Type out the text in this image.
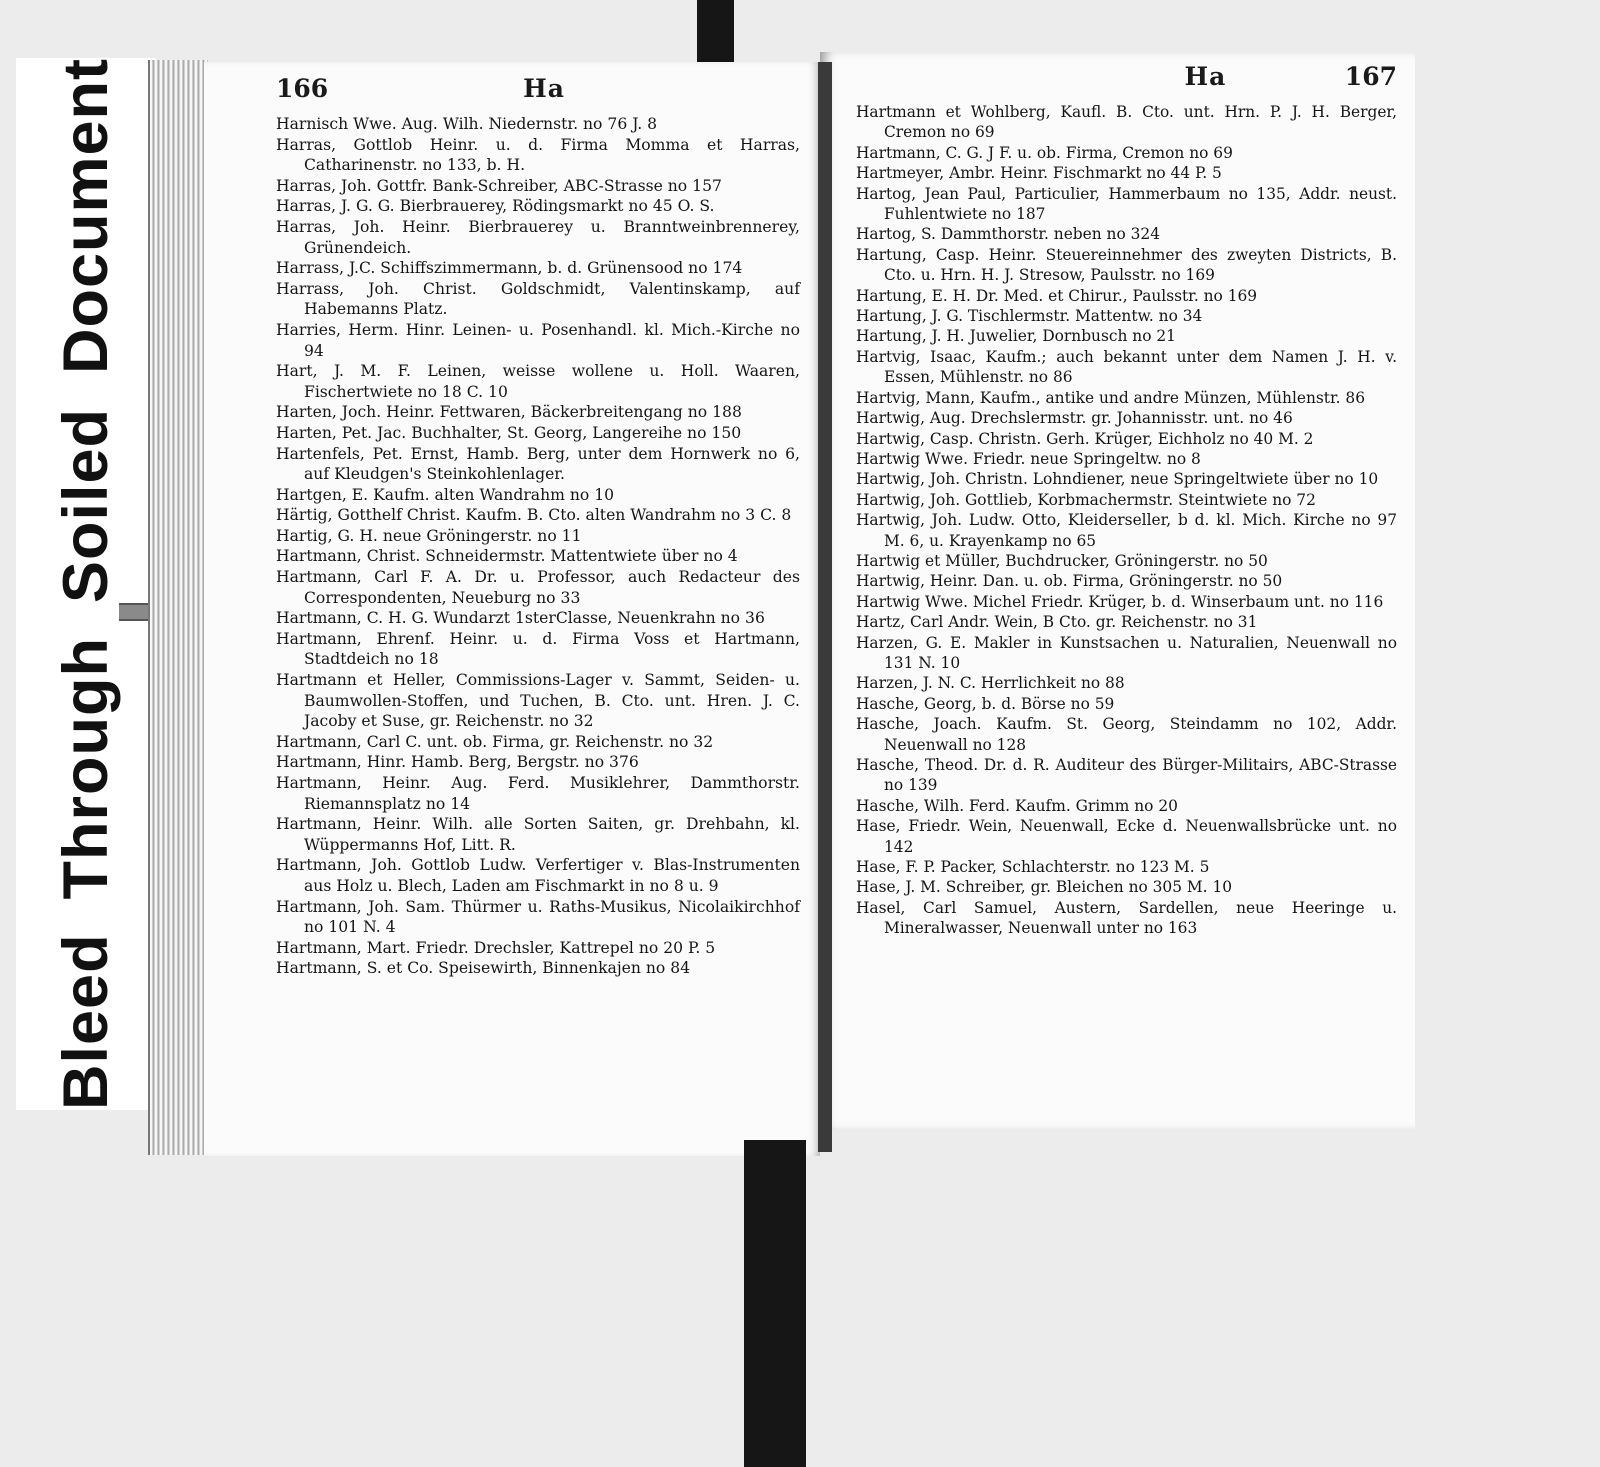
Bleed
Through
Soiled
Document	166	Ha
Harnisch Wwe. Aug. Wilh. Niedernstr. no 76 J. 8
Harras, Gottlob Heinr. u. d. Firma Momma et Harras, Catharinenstr. no 133, b. H.
Harras, Joh. Gottfr. Bank-Schreiber, ABC-Strasse no 157
Harras, J. G. G. Bierbrauerey, Rödingsmarkt no 45 O. S.
Harras, Joh. Heinr. Bierbrauerey u. Branntweinbrennerey, Grünendeich.
Harrass, J.C. Schiffszimmermann, b. d. Grünensood no 174
Harrass, Joh. Christ. Goldschmidt, Valentinskamp, auf Habemanns Platz.
Harries, Herm. Hinr. Leinen- u. Posenhandl. kl. Mich.-Kirche no 94
Hart, J. M. F. Leinen, weisse wollene u. Holl. Waaren, Fischertwiete no 18 C. 10
Harten, Joch. Heinr. Fettwaren, Bäckerbreitengang no 188
Harten, Pet. Jac. Buchhalter, St. Georg, Langereihe no 150
Hartenfels, Pet. Ernst, Hamb. Berg, unter dem Hornwerk no 6, auf Kleudgen's Steinkohlenlager.
Hartgen, E. Kaufm. alten Wandrahm no 10
Härtig, Gotthelf Christ. Kaufm. B. Cto. alten Wandrahm no 3 C. 8
Hartig, G. H. neue Gröningerstr. no 11
Hartmann, Christ. Schneidermstr. Mattentwiete über no 4
Hartmann, Carl F. A. Dr. u. Professor, auch Redacteur des Correspondenten, Neueburg no 33
Hartmann, C. H. G. Wundarzt 1sterClasse, Neuenkrahn no 36
Hartmann, Ehrenf. Heinr. u. d. Firma Voss et Hartmann, Stadtdeich no 18
Hartmann et Heller, Commissions-Lager v. Sammt, Seiden- u. Baumwollen-Stoffen, und Tuchen, B. Cto. unt. Hren. J. C. Jacoby et Suse, gr. Reichenstr. no 32
Hartmann, Carl C. unt. ob. Firma, gr. Reichenstr. no 32
Hartmann, Hinr. Hamb. Berg, Bergstr. no 376
Hartmann, Heinr. Aug. Ferd. Musiklehrer, Dammthorstr. Riemannsplatz no 14
Hartmann, Heinr. Wilh. alle Sorten Saiten, gr. Drehbahn, kl. Wüppermanns Hof, Litt. R.
Hartmann, Joh. Gottlob Ludw. Verfertiger v. Blas-Instrumenten aus Holz u. Blech, Laden am Fischmarkt in no 8 u. 9
Hartmann, Joh. Sam. Thürmer u. Raths-Musikus, Nicolaikirchhof no 101 N. 4
Hartmann, Mart. Friedr. Drechsler, Kattrepel no 20 P. 5
Hartmann, S. et Co. Speisewirth, Binnenkajen no 84
Ha	167
Hartmann et Wohlberg, Kaufl. B. Cto. unt. Hrn. P. J. H. Berger, Cremon no 69
Hartmann, C. G. J F. u. ob. Firma, Cremon no 69
Hartmeyer, Ambr. Heinr. Fischmarkt no 44 P. 5
Hartog, Jean Paul, Particulier, Hammerbaum no 135, Addr. neust. Fuhlentwiete no 187
Hartog, S. Dammthorstr. neben no 324
Hartung, Casp. Heinr. Steuereinnehmer des zweyten Districts, B. Cto. u. Hrn. H. J. Stresow, Paulsstr. no 169
Hartung, E. H. Dr. Med. et Chirur., Paulsstr. no 169
Hartung, J. G. Tischlermstr. Mattentw. no 34
Hartung, J. H. Juwelier, Dornbusch no 21
Hartvig, Isaac, Kaufm.; auch bekannt unter dem Namen J. H. v. Essen, Mühlenstr. no 86
Hartvig, Mann, Kaufm., antike und andre Münzen, Mühlenstr. 86
Hartwig, Aug. Drechslermstr. gr. Johannisstr. unt. no 46
Hartwig, Casp. Christn. Gerh. Krüger, Eichholz no 40 M. 2
Hartwig Wwe. Friedr. neue Springeltw. no 8
Hartwig, Joh. Christn. Lohndiener, neue Springeltwiete über no 10
Hartwig, Joh. Gottlieb, Korbmachermstr. Steintwiete no 72
Hartwig, Joh. Ludw. Otto, Kleiderseller, b d. kl. Mich. Kirche no 97 M. 6, u. Krayenkamp no 65
Hartwig et Müller, Buchdrucker, Gröningerstr. no 50
Hartwig, Heinr. Dan. u. ob. Firma, Gröningerstr. no 50
Hartwig Wwe. Michel Friedr. Krüger, b. d. Winserbaum unt. no 116
Hartz, Carl Andr. Wein, B Cto. gr. Reichenstr. no 31
Harzen, G. E. Makler in Kunstsachen u. Naturalien, Neuenwall no 131 N. 10
Harzen, J. N. C. Herrlichkeit no 88
Hasche, Georg, b. d. Börse no 59
Hasche, Joach. Kaufm. St. Georg, Steindamm no 102, Addr. Neuenwall no 128
Hasche, Theod. Dr. d. R. Auditeur des Bürger-Militairs, ABC-Strasse no 139
Hasche, Wilh. Ferd. Kaufm. Grimm no 20
Hase, Friedr. Wein, Neuenwall, Ecke d. Neuenwallsbrücke unt. no 142
Hase, F. P. Packer, Schlachterstr. no 123 M. 5
Hase, J. M. Schreiber, gr. Bleichen no 305 M. 10
Hasel, Carl Samuel, Austern, Sardellen, neue Heeringe u. Mineralwasser, Neuenwall unter no 163
